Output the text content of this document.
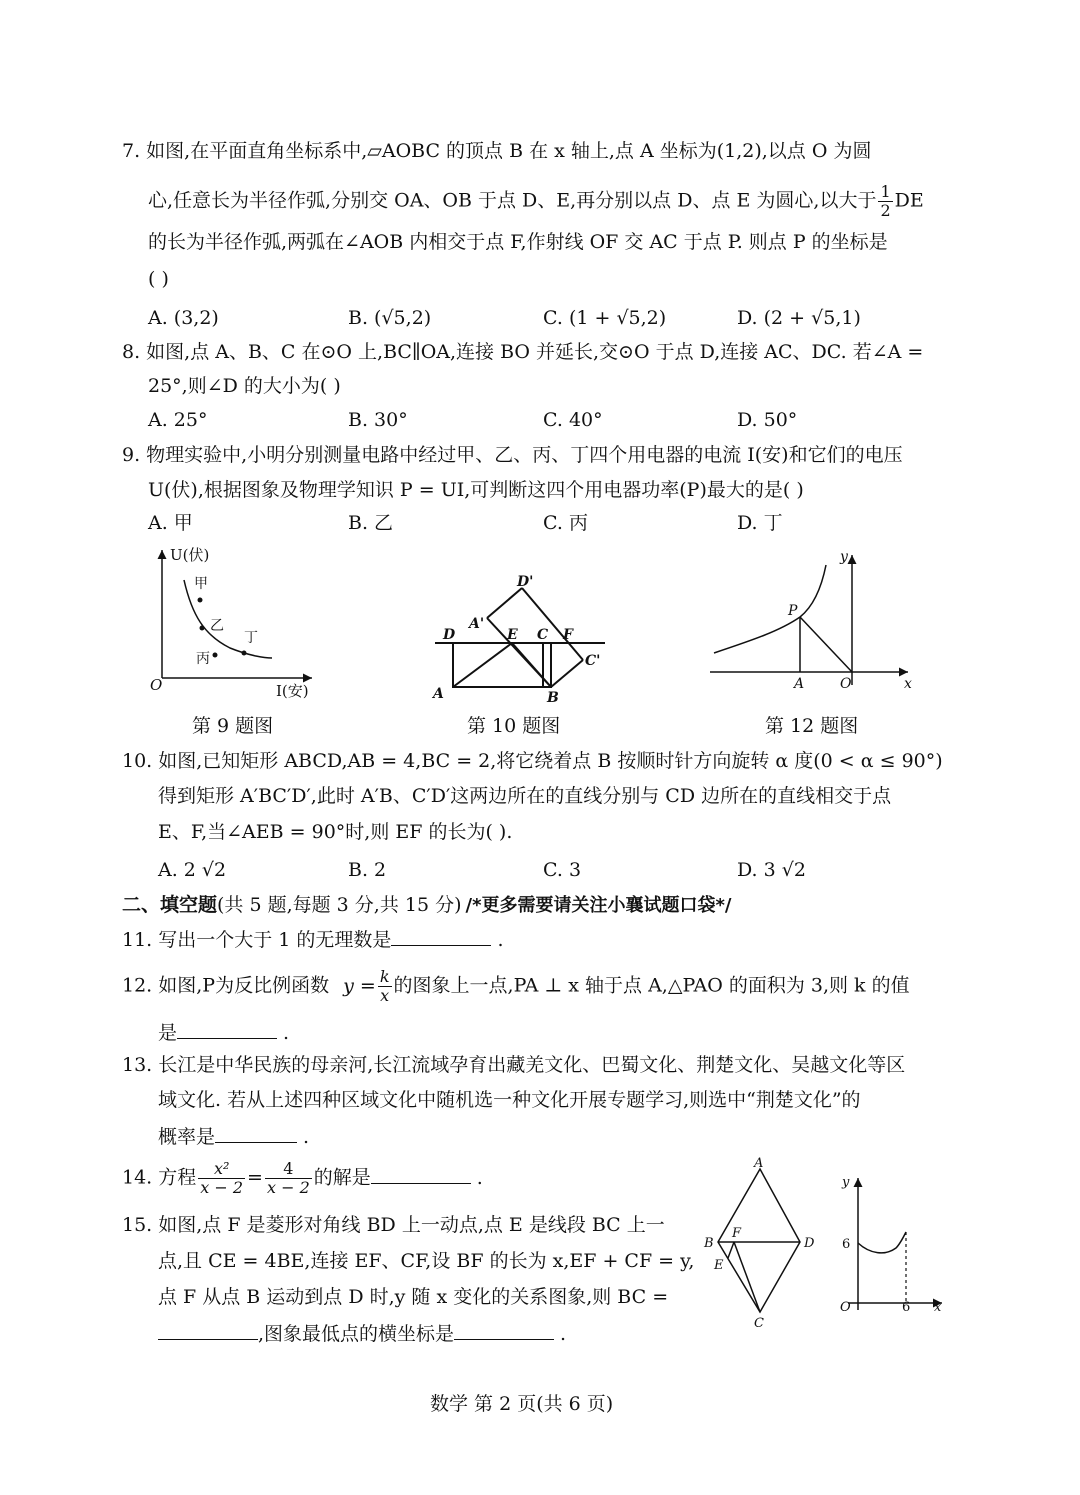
7. 如图,在平面直角坐标系中,▱AOBC 的顶点 B 在 x 轴上,点 A 坐标为(1,2),以点 O 为圆
心,任意长为半径作弧,分别交 OA、OB 于点 D、E,再分别以点 D、点 E 为圆心,以大于 $\frac{1}{2}$ DE
的长为半径作弧,两弧在∠AOB 内相交于点 F,作射线 OF 交 AC 于点 P. 则点 P 的坐标是
( )
A. (3,2)	B. (√5,2)	C. (1 + √5,2)	D. (2 + √5,1)
8. 如图,点 A、B、C 在⊙O 上,BC∥OA,连接 BO 并延长,交⊙O 于点 D,连接 AC、DC. 若∠A =
25°,则∠D 的大小为( )
A. 25°	B. 30°	C. 40°	D. 50°
9. 物理实验中,小明分别测量电路中经过甲、乙、丙、丁四个用电器的电流 I(安)和它们的电压
U(伏),根据图象及物理学知识 P = UI,可判断这四个用电器功率(P)最大的是( )
A. 甲	B. 乙	C. 丙	D. 丁
U(伏)
I(安)
O
甲
乙
丙
丁
第 9 题图
D'
A'
D	E C F
C'
A	B
第 10 题图
y
P
A	O	x
第 12 题图
10. 如图,已知矩形 ABCD,AB = 4,BC = 2,将它绕着点 B 按顺时针方向旋转 α 度(0 < α ≤ 90°)
得到矩形 A′BC′D′,此时 A′B、C′D′这两边所在的直线分别与 CD 边所在的直线相交于点
E、F,当∠AEB = 90°时,则 EF 的长为( ).
A. 2 √2	B. 2	C. 3	D. 3 √2
二、填空题(共 5 题,每题 3 分,共 15 分) /*更多需要请关注小襄试题口袋*/
11. 写出一个大于 1 的无理数是	.
12. 如图,P为反比例函数 $y = \frac{k}{x}$ 的图象上一点,PA ⊥ x 轴于点 A,△PAO 的面积为 3,则 k 的值
是	.
13. 长江是中华民族的母亲河,长江流域孕育出藏羌文化、巴蜀文化、荆楚文化、吴越文化等区
域文化. 若从上述四种区域文化中随机选一种文化开展专题学习,则选中“荆楚文化”的
概率是	.
14. 方程 $\frac{\text{x²}}{x - 2} = \frac{4}{x - 2}$ 的解是	.
15. 如图,点 F 是菱形对角线 BD 上一动点,点 E 是线段 BC 上一
点,且 CE = 4BE,连接 EF、CF,设 BF 的长为 x,EF + CF = y,
点 F 从点 B 运动到点 D 时,y 随 x 变化的关系图象,则 BC =
,图象最低点的横坐标是	.
A
B
F
E
D
C
y
6
O	6 x
数学 第 2 页(共 6 页)
